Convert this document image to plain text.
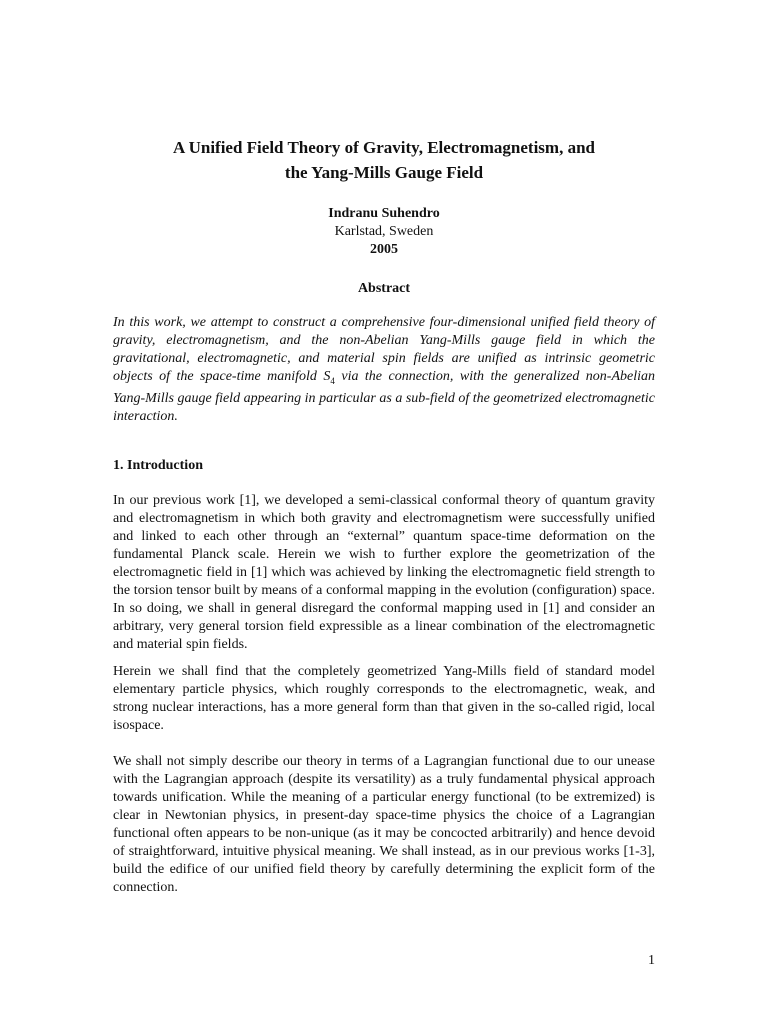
A Unified Field Theory of Gravity, Electromagnetism, and
the Yang-Mills Gauge Field
Indranu Suhendro
Karlstad, Sweden
2005
Abstract

In this work, we attempt to construct a comprehensive four-dimensional unified field theory of gravity, electromagnetism, and the non-Abelian Yang-Mills gauge field in which the gravitational, electromagnetic, and material spin fields are unified as intrinsic geometric objects of the space-time manifold $S_4$ via the connection, with the generalized non-Abelian Yang-Mills gauge field appearing in particular as a sub-field of the geometrized electromagnetic interaction.

1. Introduction

In our previous work [1], we developed a semi-classical conformal theory of quantum gravity and electromagnetism in which both gravity and electromagnetism were successfully unified and linked to each other through an “external” quantum space-time deformation on the fundamental Planck scale. Herein we wish to further explore the geometrization of the electromagnetic field in [1] which was achieved by linking the electromagnetic field strength to the torsion tensor built by means of a conformal mapping in the evolution (configuration) space. In so doing, we shall in general disregard the conformal mapping used in [1] and consider an arbitrary, very general torsion field expressible as a linear combination of the electromagnetic and material spin fields.

Herein we shall find that the completely geometrized Yang-Mills field of standard model elementary particle physics, which roughly corresponds to the electromagnetic, weak, and strong nuclear interactions, has a more general form than that given in the so-called rigid, local isospace.

We shall not simply describe our theory in terms of a Lagrangian functional due to our unease with the Lagrangian approach (despite its versatility) as a truly fundamental physical approach towards unification. While the meaning of a particular energy functional (to be extremized) is clear in Newtonian physics, in present-day space-time physics the choice of a Lagrangian functional often appears to be non-unique (as it may be concocted arbitrarily) and hence devoid of straightforward, intuitive physical meaning. We shall instead, as in our previous works [1-3], build the edifice of our unified field theory by carefully determining the explicit form of the connection.

1
